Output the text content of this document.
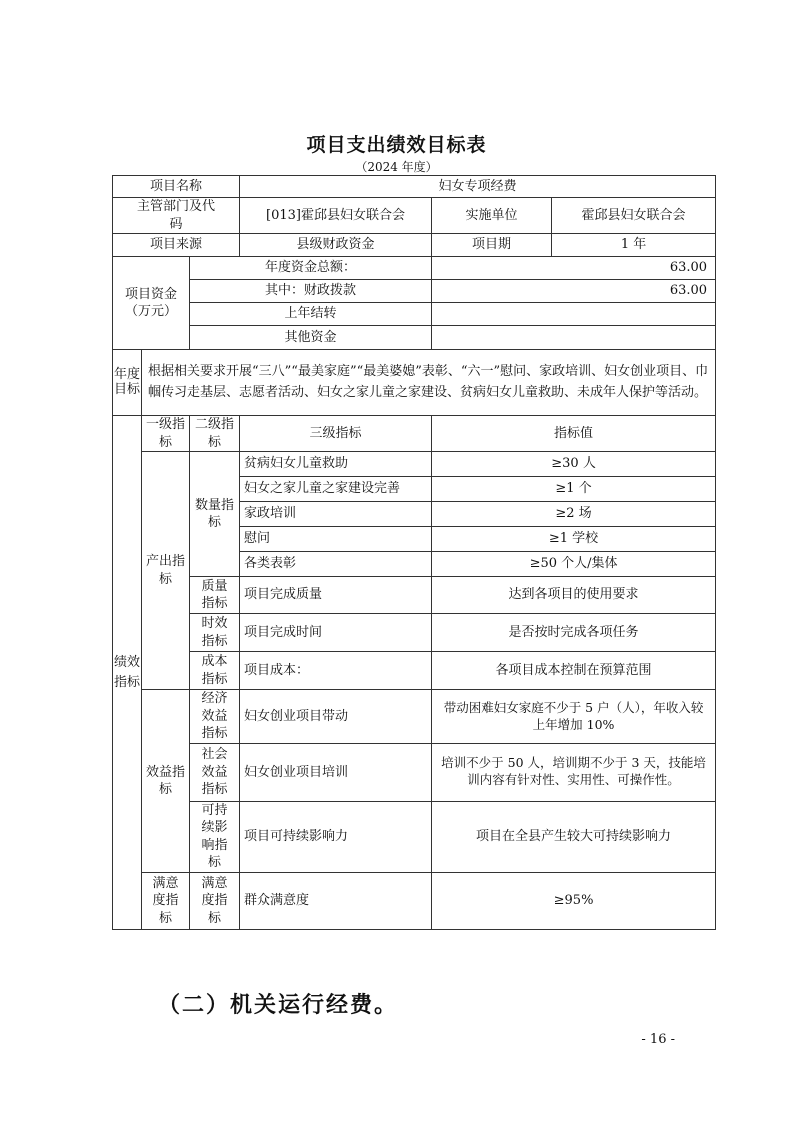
项目支出绩效目标表
（2024 年度）
项目名称			妇女专项经费		
主管部门及代码			[013]霍邱县妇女联合会	实施单位	霍邱县妇女联合会
项目来源			县级财政资金	项目期	1 年
项目资金（万元）		年度资金总额：		63.00	
		其中：财政拨款		63.00	
		上年结转			
		其他资金			
年度目标	根据相关要求开展“三八”“最美家庭”“最美婆媳”表彰、“六一”慰问、家政培训、妇女创业项目、巾帼传习走基层、志愿者活动、妇女之家儿童之家建设、贫病妇女儿童救助、未成年人保护等活动。				
绩效指标	一级指标	二级指标	三级指标	指标值	
	产出指标	数量指标	贫病妇女儿童救助	≥30 人	
			妇女之家儿童之家建设完善	≥1 个	
			家政培训	≥2 场	
			慰问	≥1 学校	
			各类表彰	≥50 个人/集体	
		质量指标	项目完成质量	达到各项目的使用要求	
		时效指标	项目完成时间	是否按时完成各项任务	
		成本指标	项目成本：	各项目成本控制在预算范围	
	效益指标	经济效益指标	妇女创业项目带动	带动困难妇女家庭不少于 5 户（人），年收入较上年增加 10%	
		社会效益指标	妇女创业项目培训	培训不少于 50 人，培训期不少于 3 天，技能培训内容有针对性、实用性、可操作性。	
		可持续影响指标	项目可持续影响力	项目在全县产生较大可持续影响力	
	满意度指标	满意度指标	群众满意度	≥95%	
（二）机关运行经费。
- 16 -
